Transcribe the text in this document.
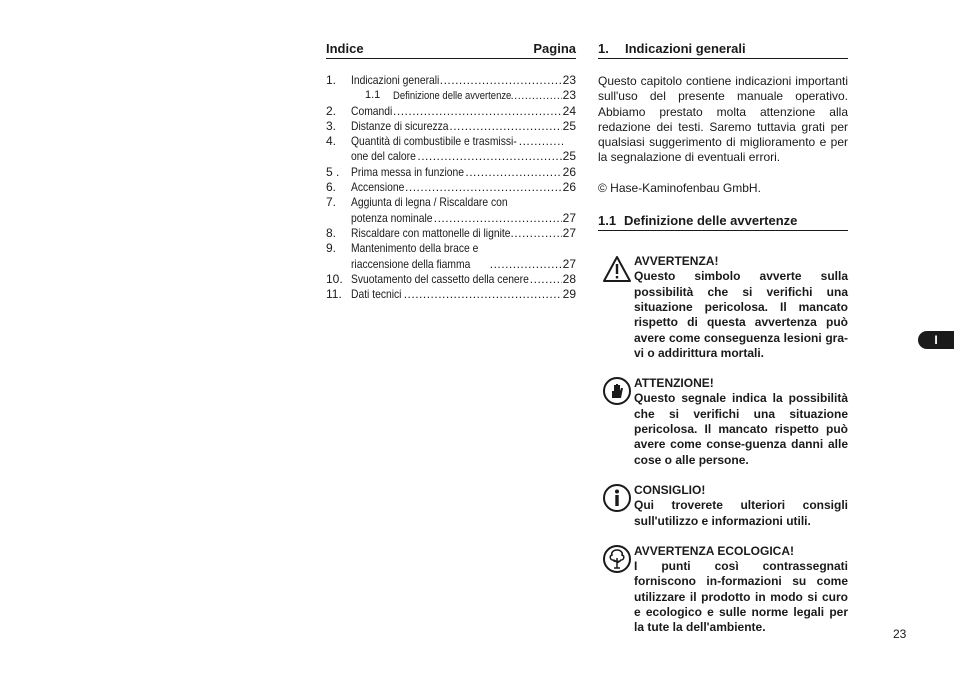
Indice	Pagina
1.	Indicazioni generali .....	23
1.1	Definizione delle avvertenze .....	23
2.	Comandi .....	24
3.	Distanze di sicurezza .....	25
4.	Quantità di combustibile e trasmissi-
.....
one del calore .....	25
5 . Prima messa in funzione .....	26
6.	Accensione .....	26
7.	Aggiunta di legna / Riscaldare con
potenza nominale .....	27
8.	Riscaldare con mattonelle di lignite .....	27
9.	Mantenimento della brace e
riaccensione della fiamma .....	27
10. Svuotamento del cassetto della cenere .....	28
11. Dati tecnici .....	29
1. Indicazioni generali
Questo capitolo contiene indicazioni importanti sull'uso del presente manuale operativo. Abbiamo prestato molta attenzione alla redazione dei testi. Saremo tuttavia grati per qualsiasi suggerimento di miglioramento e per la segnalazione di eventuali errori.
© Hase-Kaminofenbau GmbH.
1.1 Definizione delle avvertenze
AVVERTENZA!
Questo simbolo avverte sulla possibilità che si verifichi una situazione pericolosa. Il mancato rispetto di questa avvertenza può avere come conseguenza lesioni gra-vi o addirittura mortali.
ATTENZIONE!
Questo segnale indica la possibilità che si verifichi una situazione pericolosa. Il mancato rispetto può avere come conse-guenza danni alle cose o alle persone.
CONSIGLIO!
Qui troverete ulteriori consigli sull'utilizzo e informazioni utili.
AVVERTENZA ECOLOGICA!
I punti così contrassegnati forniscono in-formazioni su come utilizzare il prodotto in modo si curo e ecologico e sulle norme legali per la tute la dell'ambiente.
I
23
